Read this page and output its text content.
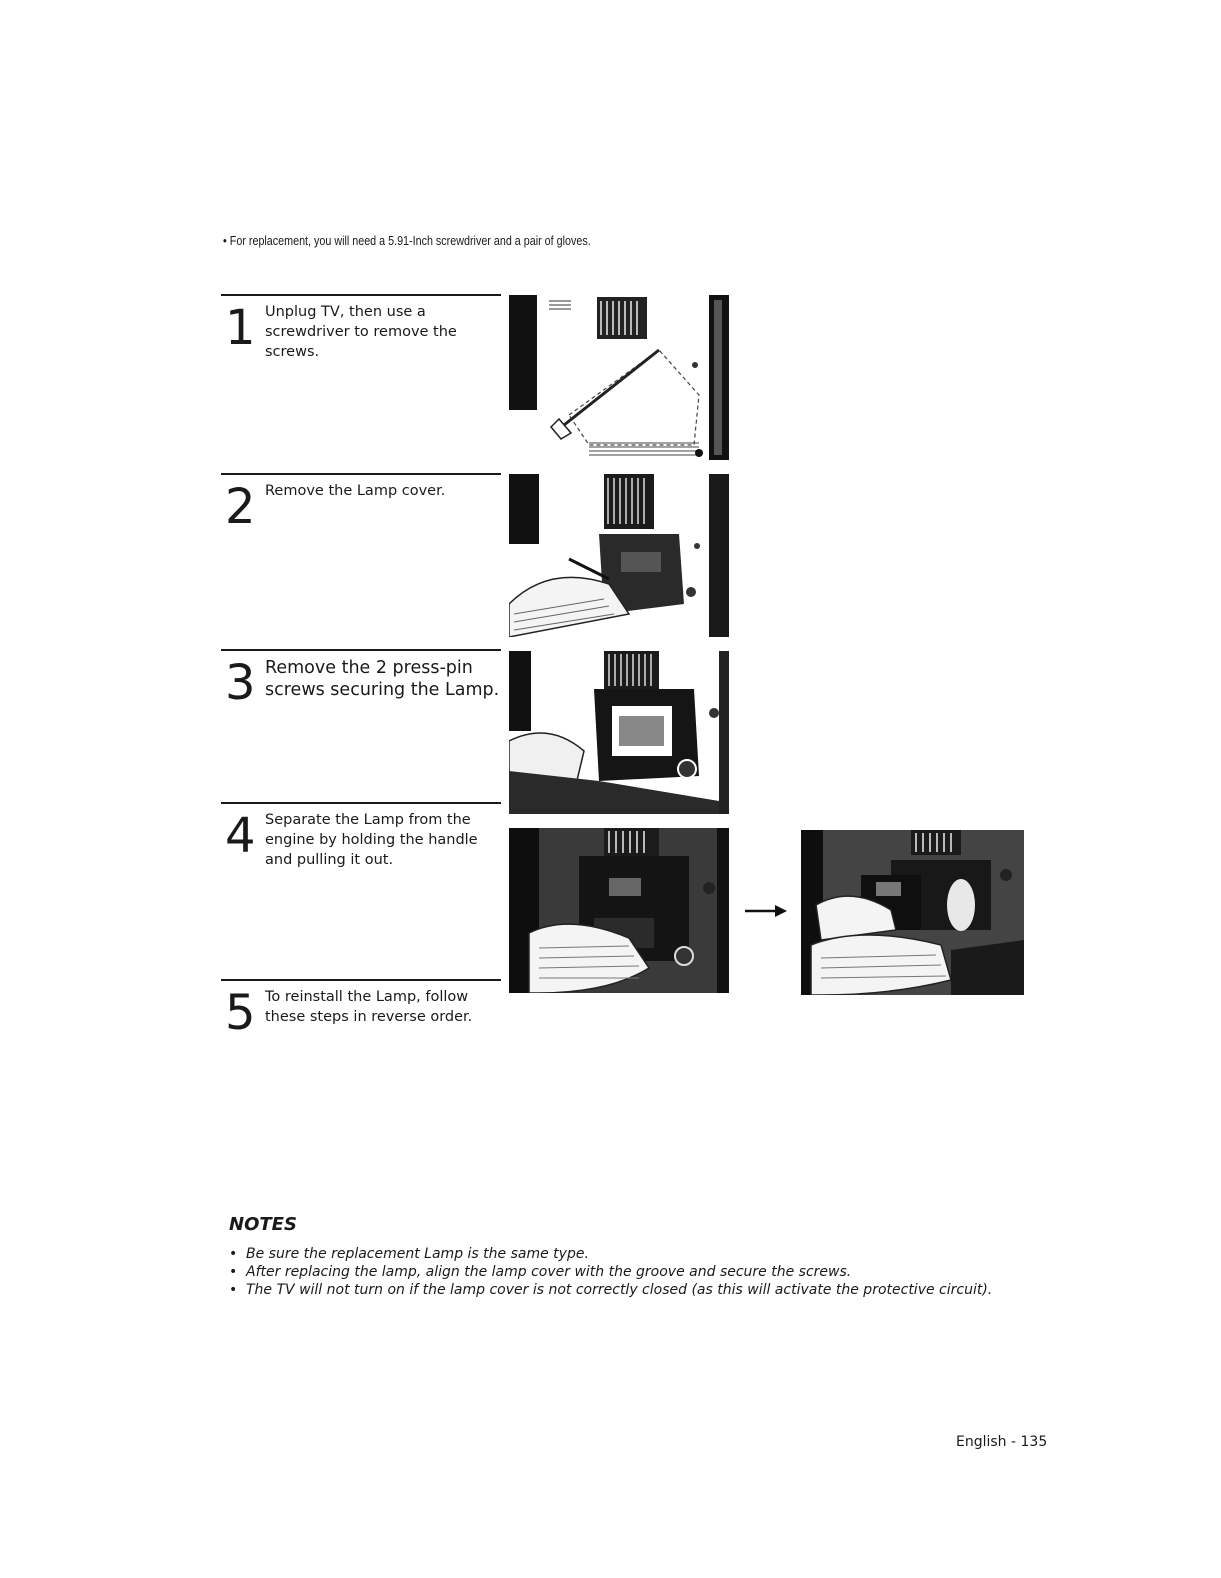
• For replacement, you will need a 5.91-Inch screwdriver and a pair of gloves.
1 Unplug TV, then use a screwdriver to remove the screws.
2 Remove the Lamp cover.
3 Remove the 2 press-pin screws securing the Lamp.
4 Separate the Lamp from the engine by holding the handle and pulling it out.
5 To reinstall the Lamp, follow these steps in reverse order.
NOTES
• Be sure the replacement Lamp is the same type.
• After replacing the lamp, align the lamp cover with the groove and secure the screws.
• The TV will not turn on if the lamp cover is not correctly closed (as this will activate the protective circuit).
English - 135
